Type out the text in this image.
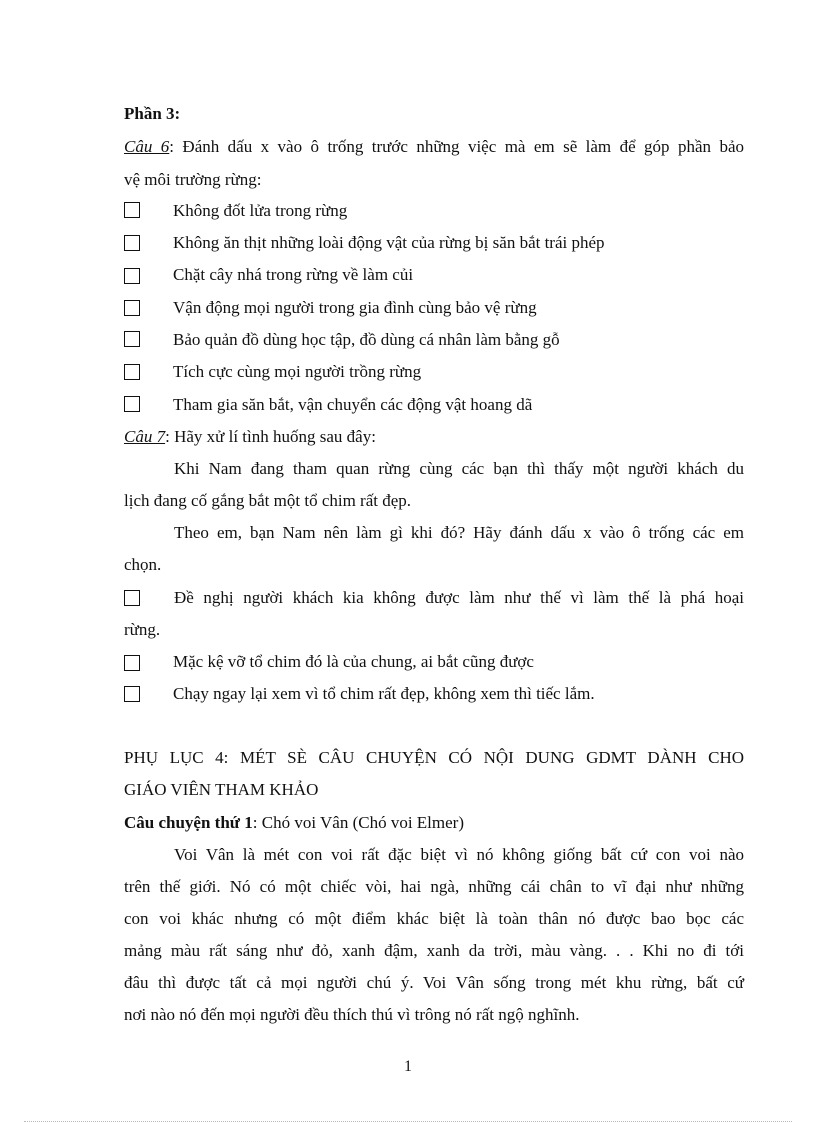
Phần 3:
Câu 6: Đánh dấu x vào ô trống trước những việc mà em sẽ làm để góp phần bảo
vệ môi trường rừng:
Không đốt lửa trong rừng
Không ăn thịt những loài động vật của rừng bị săn bắt trái phép
Chặt cây nhá trong rừng về làm củi
Vận động mọi người trong gia đình cùng bảo vệ rừng
Bảo quản đồ dùng học tập, đồ dùng cá nhân làm bằng gỗ
Tích cực cùng mọi người trồng rừng
Tham gia săn bắt, vận chuyển các động vật hoang dã
Câu 7: Hãy xử lí tình huống sau đây:
Khi Nam đang tham quan rừng cùng các bạn thì thấy một người khách du
lịch đang cố gắng bắt một tổ chim rất đẹp.
Theo em, bạn Nam nên làm gì khi đó? Hãy đánh dấu x vào ô trống các em
chọn.
Đề nghị người khách kia không được làm như thế vì làm thế là phá hoại
rừng.
Mặc kệ vỡ tổ chim đó là của chung, ai bắt cũng được
Chạy ngay lại xem vì tổ chim rất đẹp, không xem thì tiếc lắm.
PHỤ LỤC 4: MÉT SÈ CÂU CHUYỆN CÓ NỘI DUNG GDMT DÀNH CHO
GIÁO VIÊN THAM KHẢO
Câu chuyện thứ 1: Chó voi Vân (Chó voi Elmer)
Voi Vân là mét con voi rất đặc biệt vì nó không giống bất cứ con voi nào
trên thế giới. Nó có một chiếc vòi, hai ngà, những cái chân to vĩ đại như những
con voi khác nhưng có một điểm khác biệt là toàn thân nó được bao bọc các
mảng màu rất sáng như đỏ, xanh đậm, xanh da trời, màu vàng. . . Khi no đi tới
đâu thì được tất cả mọi người chú ý. Voi Vân sống trong mét khu rừng, bất cứ
nơi nào nó đến mọi người đều thích thú vì trông nó rất ngộ nghĩnh.
1
